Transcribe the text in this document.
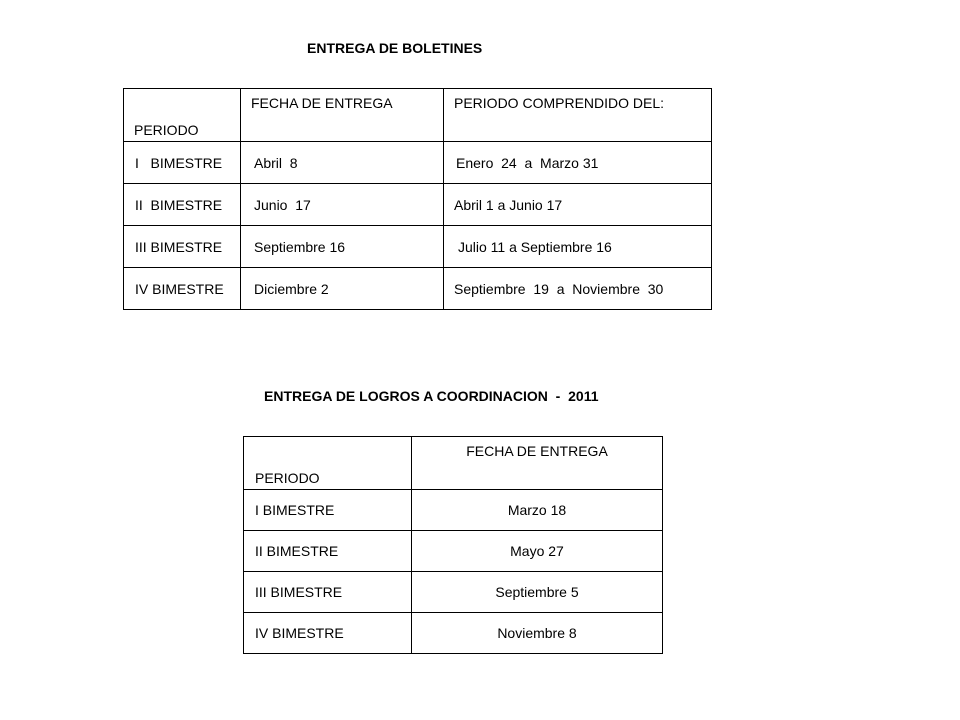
ENTREGA DE BOLETINES
PERIODO	FECHA DE ENTREGA	PERIODO COMPRENDIDO DEL:
I   BIMESTRE	Abril  8	Enero  24  a  Marzo 31
II  BIMESTRE	Junio  17	Abril 1 a Junio 17
III BIMESTRE	Septiembre 16	Julio 11 a Septiembre 16
IV BIMESTRE	Diciembre 2	Septiembre  19  a  Noviembre  30
ENTREGA DE LOGROS A COORDINACION  -  2011
PERIODO	FECHA DE ENTREGA
I BIMESTRE	Marzo 18
II BIMESTRE	Mayo 27
III BIMESTRE	Septiembre 5
IV BIMESTRE	Noviembre 8
